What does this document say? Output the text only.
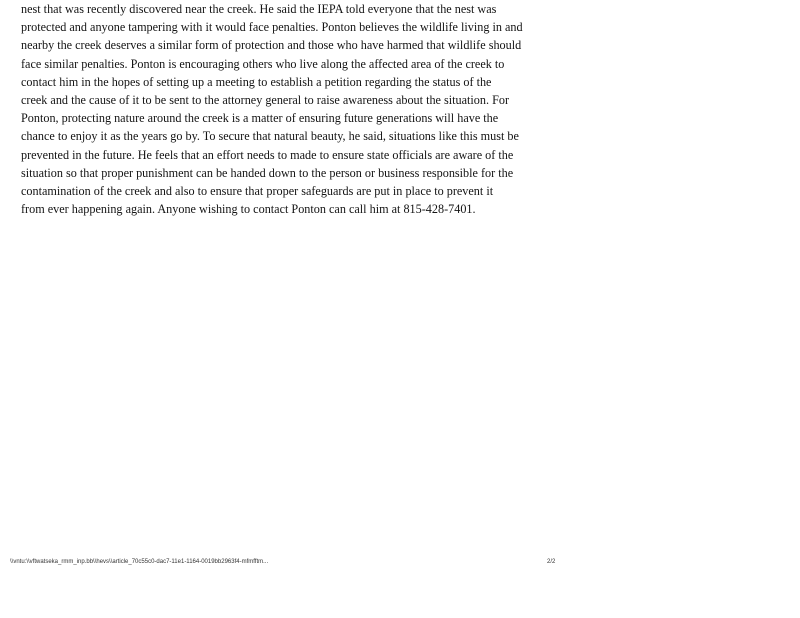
nest that was recently discovered near the creek. He said the IEPA told everyone that the nest was
protected and anyone tampering with it would face penalties. Ponton believes the wildlife living in and
nearby the creek deserves a similar form of protection and those who have harmed that wildlife should
face similar penalties. Ponton is encouraging others who live along the affected area of the creek to
contact him in the hopes of setting up a meeting to establish a petition regarding the status of the
creek and the cause of it to be sent to the attorney general to raise awareness about the situation. For
Ponton, protecting nature around the creek is a matter of ensuring future generations will have the
chance to enjoy it as the years go by. To secure that natural beauty, he said, situations like this must be
prevented in the future. He feels that an effort needs to made to ensure state officials are aware of the
situation so that proper punishment can be handed down to the person or business responsible for the
contamination of the creek and also to ensure that proper safeguards are put in place to prevent it
from ever happening again. Anyone wishing to contact Ponton can call him at 815-428-7401.
\\vntu:\\vftwatseka_rmm_inp.bb\\hevs\\article_70c55c0-dac7-11e1-1164-0019bb2963f4-mfmfftm...	2/2
